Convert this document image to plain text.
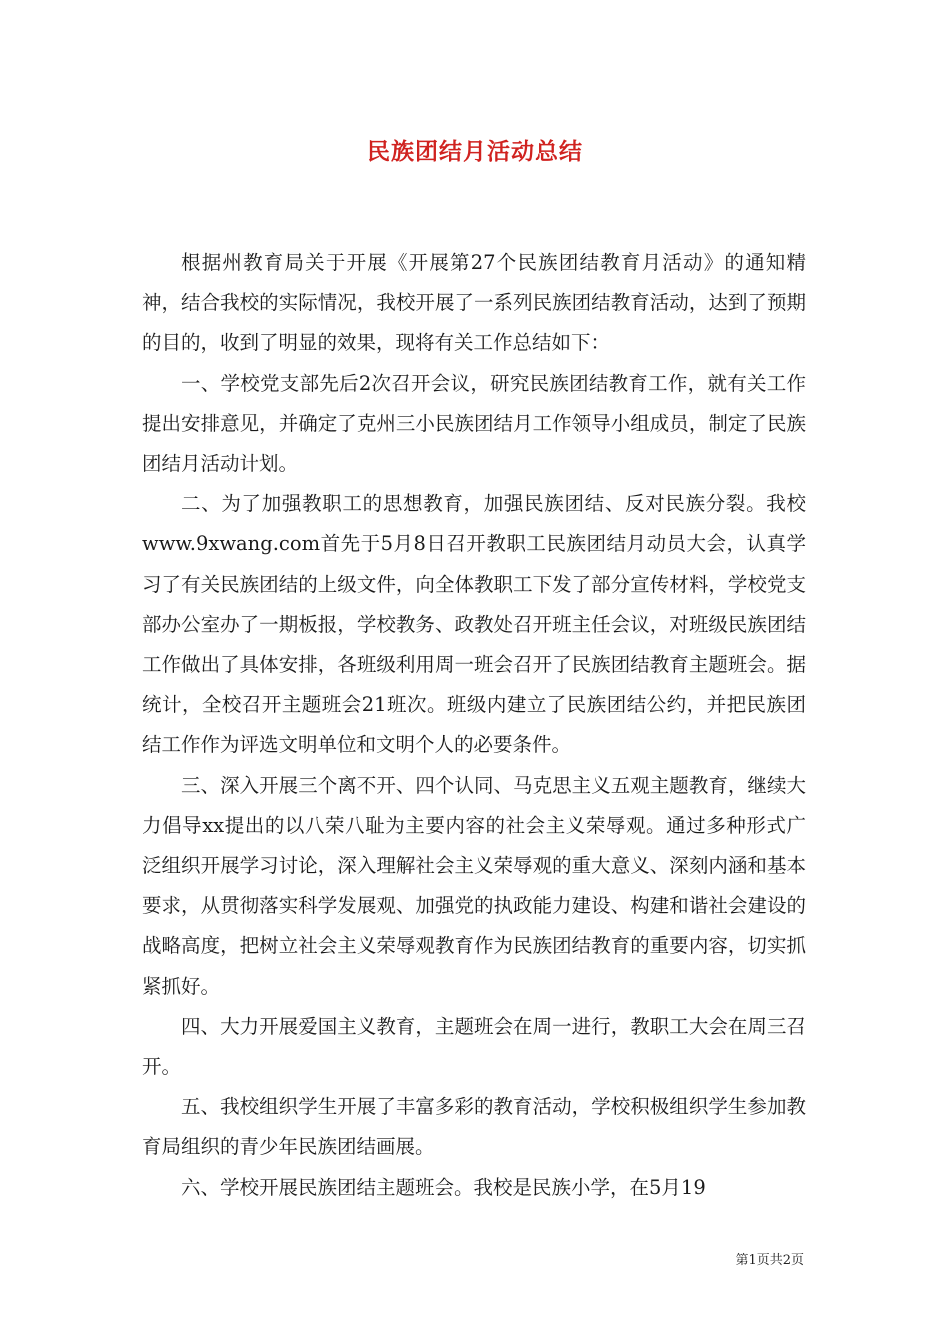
民族团结月活动总结

根据州教育局关于开展《开展第27个民族团结教育月活动》的通知精神，结合我校的实际情况，我校开展了一系列民族团结教育活动，达到了预期的目的，收到了明显的效果，现将有关工作总结如下：

一、学校党支部先后2次召开会议，研究民族团结教育工作，就有关工作提出安排意见，并确定了克州三小民族团结月工作领导小组成员，制定了民族团结月活动计划。

二、为了加强教职工的思想教育，加强民族团结、反对民族分裂。我校www.9xwang.com首先于5月8日召开教职工民族团结月动员大会，认真学习了有关民族团结的上级文件，向全体教职工下发了部分宣传材料，学校党支部办公室办了一期板报，学校教务、政教处召开班主任会议，对班级民族团结工作做出了具体安排，各班级利用周一班会召开了民族团结教育主题班会。据统计，全校召开主题班会21班次。班级内建立了民族团结公约，并把民族团结工作作为评选文明单位和文明个人的必要条件。

三、深入开展三个离不开、四个认同、马克思主义五观主题教育，继续大力倡导xx提出的以八荣八耻为主要内容的社会主义荣辱观。通过多种形式广泛组织开展学习讨论，深入理解社会主义荣辱观的重大意义、深刻内涵和基本要求，从贯彻落实科学发展观、加强党的执政能力建设、构建和谐社会建设的战略高度，把树立社会主义荣辱观教育作为民族团结教育的重要内容，切实抓紧抓好。

四、大力开展爱国主义教育，主题班会在周一进行，教职工大会在周三召开。

五、我校组织学生开展了丰富多彩的教育活动，学校积极组织学生参加教育局组织的青少年民族团结画展。

六、学校开展民族团结主题班会。我校是民族小学，在5月19

第1页共2页
